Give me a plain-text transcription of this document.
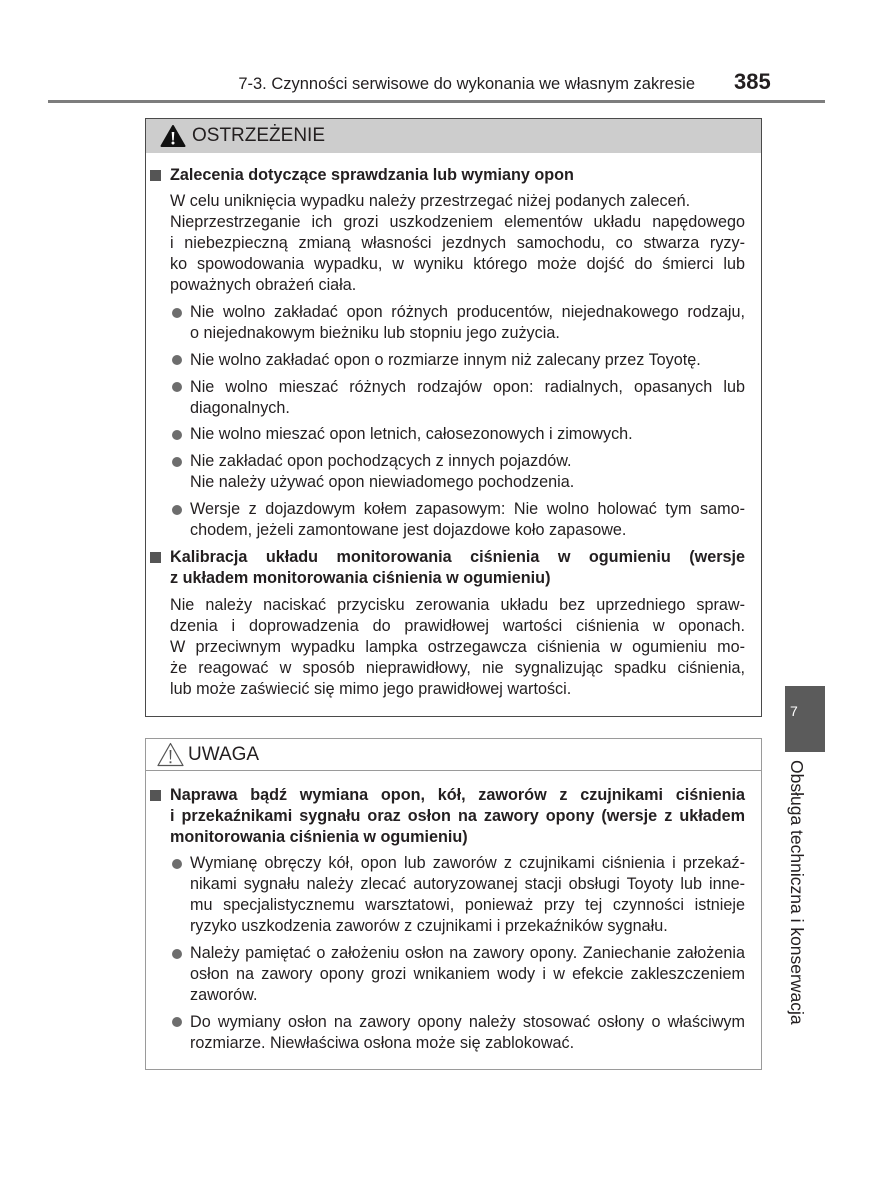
7-3. Czynności serwisowe do wykonania we własnym zakresie 385
OSTRZEŻENIE
Zalecenia dotyczące sprawdzania lub wymiany opon
W celu uniknięcia wypadku należy przestrzegać niżej podanych zaleceń.
Nieprzestrzeganie ich grozi uszkodzeniem elementów układu napędowego
i niebezpieczną zmianą własności jezdnych samochodu, co stwarza ryzy-
ko spowodowania wypadku, w wyniku którego może dojść do śmierci lub
poważnych obrażeń ciała.
Nie wolno zakładać opon różnych producentów, niejednakowego rodzaju,
o niejednakowym bieżniku lub stopniu jego zużycia.
Nie wolno zakładać opon o rozmiarze innym niż zalecany przez Toyotę.
Nie wolno mieszać różnych rodzajów opon: radialnych, opasanych lub
diagonalnych.
Nie wolno mieszać opon letnich, całosezonowych i zimowych.
Nie zakładać opon pochodzących z innych pojazdów.
Nie należy używać opon niewiadomego pochodzenia.
Wersje z dojazdowym kołem zapasowym: Nie wolno holować tym samo-
chodem, jeżeli zamontowane jest dojazdowe koło zapasowe.
Kalibracja układu monitorowania ciśnienia w ogumieniu (wersje
z układem monitorowania ciśnienia w ogumieniu)
Nie należy naciskać przycisku zerowania układu bez uprzedniego spraw-
dzenia i doprowadzenia do prawidłowej wartości ciśnienia w oponach.
W przeciwnym wypadku lampka ostrzegawcza ciśnienia w ogumieniu mo-
że reagować w sposób nieprawidłowy, nie sygnalizując spadku ciśnienia,
lub może zaświecić się mimo jego prawidłowej wartości.
UWAGA
Naprawa bądź wymiana opon, kół, zaworów z czujnikami ciśnienia
i przekaźnikami sygnału oraz osłon na zawory opony (wersje z układem
monitorowania ciśnienia w ogumieniu)
Wymianę obręczy kół, opon lub zaworów z czujnikami ciśnienia i przekaź-
nikami sygnału należy zlecać autoryzowanej stacji obsługi Toyoty lub inne-
mu specjalistycznemu warsztatowi, ponieważ przy tej czynności istnieje
ryzyko uszkodzenia zaworów z czujnikami i przekaźników sygnału.
Należy pamiętać o założeniu osłon na zawory opony. Zaniechanie założenia
osłon na zawory opony grozi wnikaniem wody i w efekcie zakleszczeniem
zaworów.
Do wymiany osłon na zawory opony należy stosować osłony o właściwym
rozmiarze. Niewłaściwa osłona może się zablokować.
7
Obsługa techniczna i konserwacja
